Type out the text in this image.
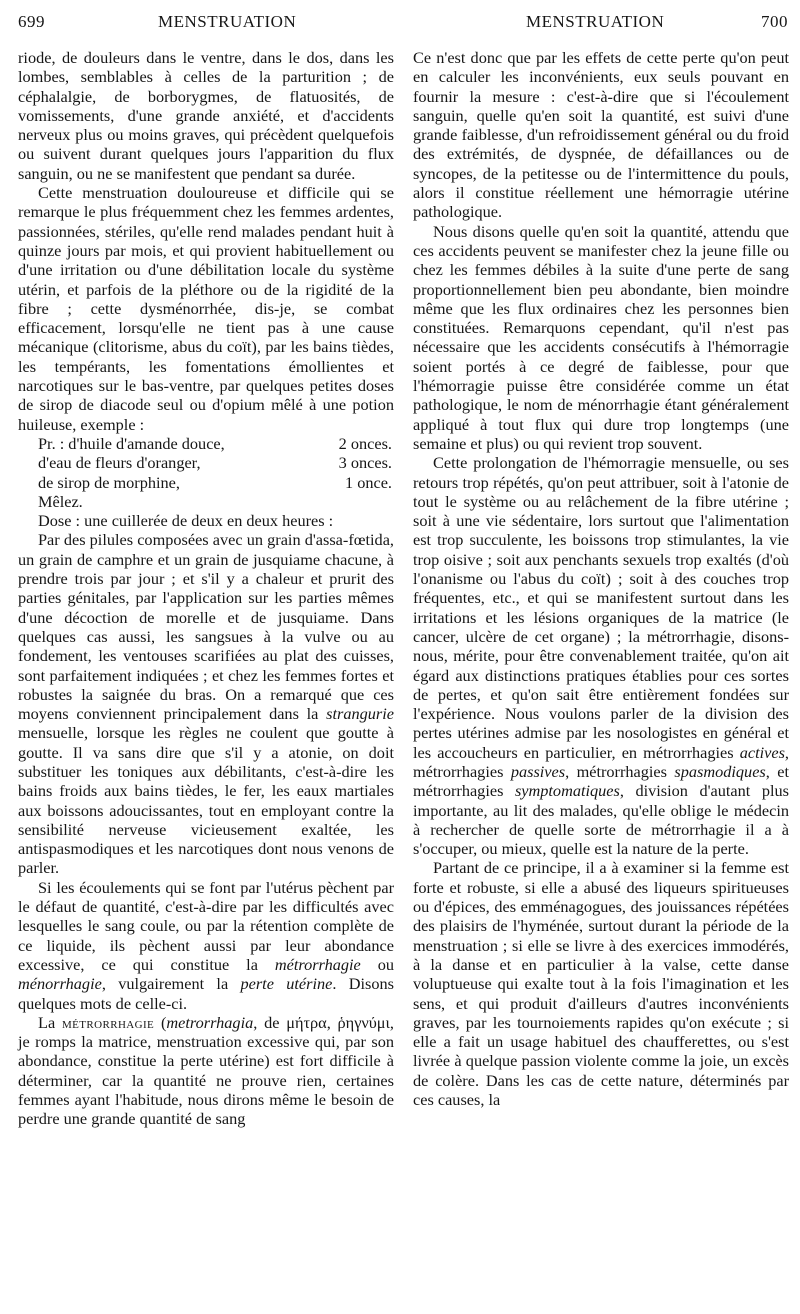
699	MENSTRUATION	MENSTRUATION	700

riode, de douleurs dans le ventre, dans le dos, dans les lombes, semblables à celles de la parturition ; de céphalalgie, de borborygmes, de flatuosités, de vomissements, d'une grande anxiété, et d'accidents nerveux plus ou moins graves, qui précèdent quelquefois ou suivent durant quelques jours l'apparition du flux sanguin, ou ne se manifestent que pendant sa durée.

Cette menstruation douloureuse et difficile qui se remarque le plus fréquemment chez les femmes ardentes, passionnées, stériles, qu'elle rend malades pendant huit à quinze jours par mois, et qui provient habituellement ou d'une irritation ou d'une débilitation locale du système utérin, et parfois de la pléthore ou de la rigidité de la fibre ; cette dysménorrhée, dis-je, se combat efficacement, lorsqu'elle ne tient pas à une cause mécanique (clitorisme, abus du coït), par les bains tièdes, les tempérants, les fomentations émollientes et narcotiques sur le bas-ventre, par quelques petites doses de sirop de diacode seul ou d'opium mêlé à une potion huileuse, exemple :

Pr. : d'huile d'amande douce,	2 onces.
d'eau de fleurs d'oranger,	3 onces.
de sirop de morphine,	1 once.
Mêlez.

Dose : une cuillerée de deux en deux heures :

Par des pilules composées avec un grain d'assa-fœtida, un grain de camphre et un grain de jusquiame chacune, à prendre trois par jour ; et s'il y a chaleur et prurit des parties génitales, par l'application sur les parties mêmes d'une décoction de morelle et de jusquiame. Dans quelques cas aussi, les sangsues à la vulve ou au fondement, les ventouses scarifiées au plat des cuisses, sont parfaitement indiquées ; et chez les femmes fortes et robustes la saignée du bras. On a remarqué que ces moyens conviennent principalement dans la strangurie mensuelle, lorsque les règles ne coulent que goutte à goutte. Il va sans dire que s'il y a atonie, on doit substituer les toniques aux débilitants, c'est-à-dire les bains froids aux bains tièdes, le fer, les eaux martiales aux boissons adoucissantes, tout en employant contre la sensibilité nerveuse vicieusement exaltée, les antispasmodiques et les narcotiques dont nous venons de parler.

Si les écoulements qui se font par l'utérus pèchent par le défaut de quantité, c'est-à-dire par les difficultés avec lesquelles le sang coule, ou par la rétention complète de ce liquide, ils pèchent aussi par leur abondance excessive, ce qui constitue la métrorrhagie ou ménorrhagie, vulgairement la perte utérine. Disons quelques mots de celle-ci.

La métrorrhagie (metrorrhagia, de μήτρα, ῥηγνύμι, je romps la matrice, menstruation excessive qui, par son abondance, constitue la perte utérine) est fort difficile à déterminer, car la quantité ne prouve rien, certaines femmes ayant l'habitude, nous dirons même le besoin de perdre une grande quantité de sang

Ce n'est donc que par les effets de cette perte qu'on peut en calculer les inconvénients, eux seuls pouvant en fournir la mesure : c'est-à-dire que si l'écoulement sanguin, quelle qu'en soit la quantité, est suivi d'une grande faiblesse, d'un refroidissement général ou du froid des extrémités, de dyspnée, de défaillances ou de syncopes, de la petitesse ou de l'intermittence du pouls, alors il constitue réellement une hémorragie utérine pathologique.

Nous disons quelle qu'en soit la quantité, attendu que ces accidents peuvent se manifester chez la jeune fille ou chez les femmes débiles à la suite d'une perte de sang proportionnellement bien peu abondante, bien moindre même que les flux ordinaires chez les personnes bien constituées. Remarquons cependant, qu'il n'est pas nécessaire que les accidents consécutifs à l'hémorragie soient portés à ce degré de faiblesse, pour que l'hémorragie puisse être considérée comme un état pathologique, le nom de ménorrhagie étant généralement appliqué à tout flux qui dure trop longtemps (une semaine et plus) ou qui revient trop souvent.

Cette prolongation de l'hémorragie mensuelle, ou ses retours trop répétés, qu'on peut attribuer, soit à l'atonie de tout le système ou au relâchement de la fibre utérine ; soit à une vie sédentaire, lors surtout que l'alimentation est trop succulente, les boissons trop stimulantes, la vie trop oisive ; soit aux penchants sexuels trop exaltés (d'où l'onanisme ou l'abus du coït) ; soit à des couches trop fréquentes, etc., et qui se manifestent surtout dans les irritations et les lésions organiques de la matrice (le cancer, ulcère de cet organe) ; la métrorrhagie, disons-nous, mérite, pour être convenablement traitée, qu'on ait égard aux distinctions pratiques établies pour ces sortes de pertes, et qu'on sait être entièrement fondées sur l'expérience. Nous voulons parler de la division des pertes utérines admise par les nosologistes en général et les accoucheurs en particulier, en métrorrhagies actives, métrorrhagies passives, métrorrhagies spasmodiques, et métrorrhagies symptomatiques, division d'autant plus importante, au lit des malades, qu'elle oblige le médecin à rechercher de quelle sorte de métrorrhagie il a à s'occuper, ou mieux, quelle est la nature de la perte.

Partant de ce principe, il a à examiner si la femme est forte et robuste, si elle a abusé des liqueurs spiritueuses ou d'épices, des emménagogues, des jouissances répétées des plaisirs de l'hyménée, surtout durant la période de la menstruation ; si elle se livre à des exercices immodérés, à la danse et en particulier à la valse, cette danse voluptueuse qui exalte tout à la fois l'imagination et les sens, et qui produit d'ailleurs d'autres inconvénients graves, par les tournoiements rapides qu'on exécute ; si elle a fait un usage habituel des chaufferettes, ou s'est livrée à quelque passion violente comme la joie, un excès de colère. Dans les cas de cette nature, déterminés par ces causes, la
